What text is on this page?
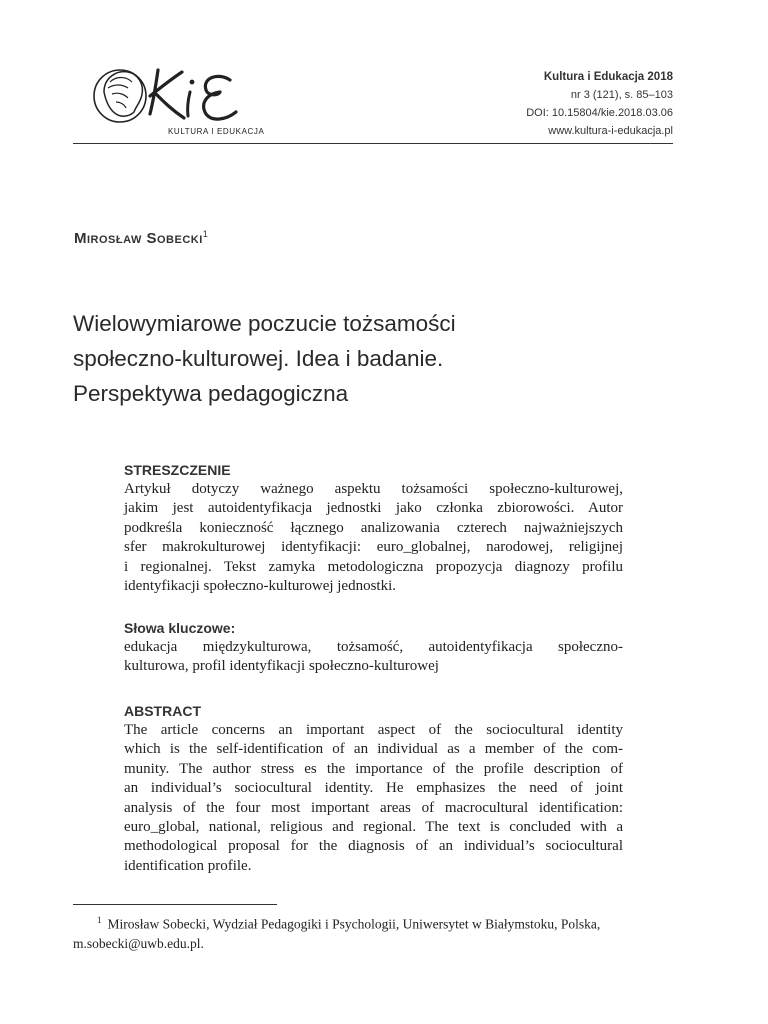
KULTURA I EDUKACJA
Kultura i Edukacja 2018
nr 3 (121), s. 85–103
DOI: 10.15804/kie.2018.03.06
www.kultura-i-edukacja.pl
Mirosław Sobecki$^1$
Wielowymiarowe poczucie tożsamości
społeczno-kulturowej. Idea i badanie.
Perspektywa pedagogiczna
STRESZCZENIE
Artykuł dotyczy ważnego aspektu tożsamości społeczno-kulturowej,
jakim jest autoidentyfikacja jednostki jako członka zbiorowości. Autor
podkreśla konieczność łącznego analizowania czterech najważniejszych
sfer makrokulturowej identyfikacji: euro_globalnej, narodowej, religijnej
i regionalnej. Tekst zamyka metodologiczna propozycja diagnozy profilu
identyfikacji społeczno-kulturowej jednostki.
Słowa kluczowe:
edukacja międzykulturowa, tożsamość, autoidentyfikacja społeczno-
kulturowa, profil identyfikacji społeczno-kulturowej
ABSTRACT
The article concerns an important aspect of the sociocultural identity
which is the self-identification of an individual as a member of the com-
munity. The author stress es the importance of the profile description of
an individual’s sociocultural identity. He emphasizes the need of joint
analysis of the four most important areas of macrocultural identification:
euro_global, national, religious and regional. The text is concluded with a
methodological proposal for the diagnosis of an individual’s sociocultural
identification profile.
$^1$ Mirosław Sobecki, Wydział Pedagogiki i Psychologii, Uniwersytet w Białymstoku, Polska,
m.sobecki@uwb.edu.pl.
